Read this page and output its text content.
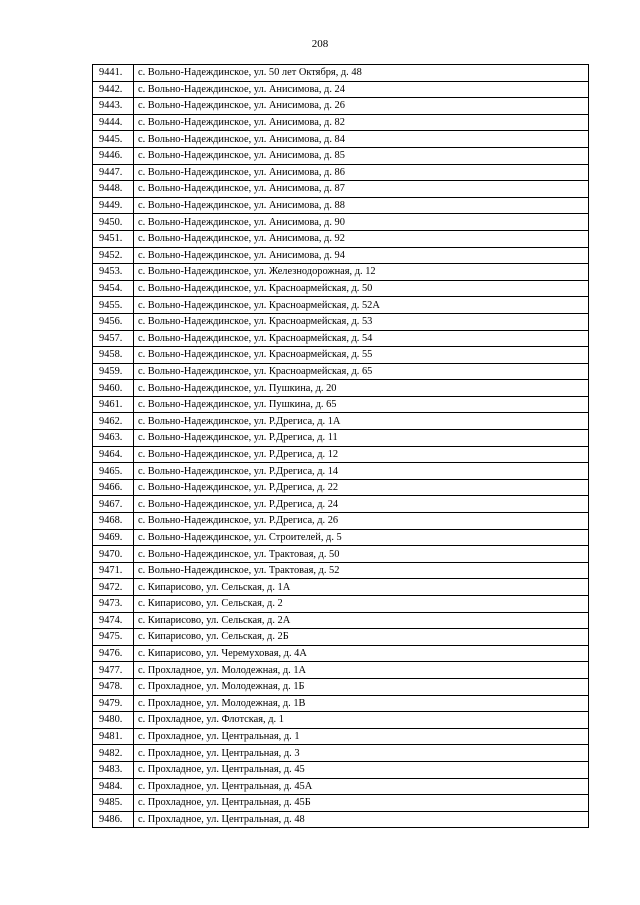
208
9441.	с. Вольно-Надеждинское, ул. 50 лет Октября, д. 48
9442.	с. Вольно-Надеждинское, ул. Анисимова, д. 24
9443.	с. Вольно-Надеждинское, ул. Анисимова, д. 26
9444.	с. Вольно-Надеждинское, ул. Анисимова, д. 82
9445.	с. Вольно-Надеждинское, ул. Анисимова, д. 84
9446.	с. Вольно-Надеждинское, ул. Анисимова, д. 85
9447.	с. Вольно-Надеждинское, ул. Анисимова, д. 86
9448.	с. Вольно-Надеждинское, ул. Анисимова, д. 87
9449.	с. Вольно-Надеждинское, ул. Анисимова, д. 88
9450.	с. Вольно-Надеждинское, ул. Анисимова, д. 90
9451.	с. Вольно-Надеждинское, ул. Анисимова, д. 92
9452.	с. Вольно-Надеждинское, ул. Анисимова, д. 94
9453.	с. Вольно-Надеждинское, ул. Железнодорожная, д. 12
9454.	с. Вольно-Надеждинское, ул. Красноармейская, д. 50
9455.	с. Вольно-Надеждинское, ул. Красноармейская, д. 52А
9456.	с. Вольно-Надеждинское, ул. Красноармейская, д. 53
9457.	с. Вольно-Надеждинское, ул. Красноармейская, д. 54
9458.	с. Вольно-Надеждинское, ул. Красноармейская, д. 55
9459.	с. Вольно-Надеждинское, ул. Красноармейская, д. 65
9460.	с. Вольно-Надеждинское, ул. Пушкина, д. 20
9461.	с. Вольно-Надеждинское, ул. Пушкина, д. 65
9462.	с. Вольно-Надеждинское, ул. Р.Дрегиса, д. 1А
9463.	с. Вольно-Надеждинское, ул. Р.Дрегиса, д. 11
9464.	с. Вольно-Надеждинское, ул. Р.Дрегиса, д. 12
9465.	с. Вольно-Надеждинское, ул. Р.Дрегиса, д. 14
9466.	с. Вольно-Надеждинское, ул. Р.Дрегиса, д. 22
9467.	с. Вольно-Надеждинское, ул. Р.Дрегиса, д. 24
9468.	с. Вольно-Надеждинское, ул. Р.Дрегиса, д. 26
9469.	с. Вольно-Надеждинское, ул. Строителей, д. 5
9470.	с. Вольно-Надеждинское, ул. Трактовая, д. 50
9471.	с. Вольно-Надеждинское, ул. Трактовая, д. 52
9472.	с. Кипарисово, ул. Сельская, д. 1А
9473.	с. Кипарисово, ул. Сельская, д. 2
9474.	с. Кипарисово, ул. Сельская, д. 2А
9475.	с. Кипарисово, ул. Сельская, д. 2Б
9476.	с. Кипарисово, ул. Черемуховая, д. 4А
9477.	с. Прохладное, ул. Молодежная, д. 1А
9478.	с. Прохладное, ул. Молодежная, д. 1Б
9479.	с. Прохладное, ул. Молодежная, д. 1В
9480.	с. Прохладное, ул. Флотская, д. 1
9481.	с. Прохладное, ул. Центральная, д. 1
9482.	с. Прохладное, ул. Центральная, д. 3
9483.	с. Прохладное, ул. Центральная, д. 45
9484.	с. Прохладное, ул. Центральная, д. 45А
9485.	с. Прохладное, ул. Центральная, д. 45Б
9486.	с. Прохладное, ул. Центральная, д. 48
